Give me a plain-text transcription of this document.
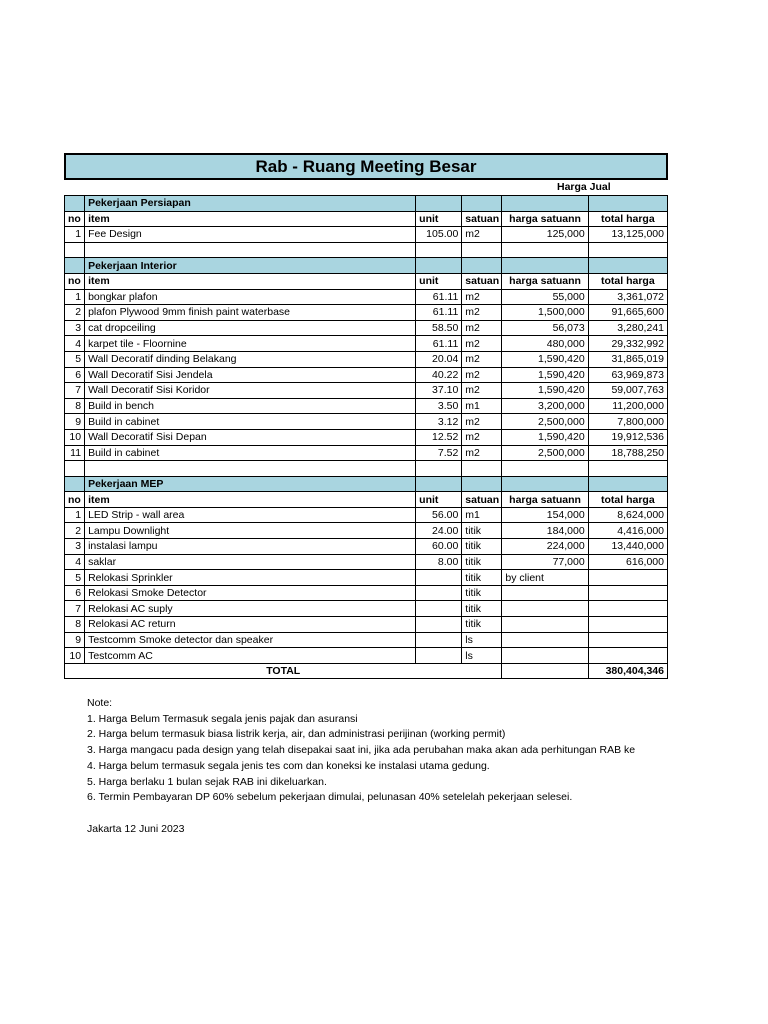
Rab - Ruang Meeting Besar
Harga Jual
	Pekerjaan Persiapan				
no	item	unit	satuan	harga satuann	total harga
1	Fee Design	105.00	m2	125,000	13,125,000

	Pekerjaan Interior				
no	item	unit	satuan	harga satuann	total harga
1	bongkar plafon	61.11	m2	55,000	3,361,072
2	plafon Plywood 9mm finish paint waterbase	61.11	m2	1,500,000	91,665,600
3	cat dropceiling	58.50	m2	56,073	3,280,241
4	karpet tile - Floornine	61.11	m2	480,000	29,332,992
5	Wall Decoratif dinding Belakang	20.04	m2	1,590,420	31,865,019
6	Wall Decoratif Sisi Jendela	40.22	m2	1,590,420	63,969,873
7	Wall Decoratif Sisi Koridor	37.10	m2	1,590,420	59,007,763
8	Build in bench	3.50	m1	3,200,000	11,200,000
9	Build in cabinet	3.12	m2	2,500,000	7,800,000
10	Wall Decoratif Sisi Depan	12.52	m2	1,590,420	19,912,536
11	Build in cabinet	7.52	m2	2,500,000	18,788,250

	Pekerjaan MEP				
no	item	unit	satuan	harga satuann	total harga
1	LED Strip - wall area	56.00	m1	154,000	8,624,000
2	Lampu Downlight	24.00	titik	184,000	4,416,000
3	instalasi lampu	60.00	titik	224,000	13,440,000
4	saklar	8.00	titik	77,000	616,000
5	Relokasi Sprinkler		titik	by client	
6	Relokasi Smoke Detector		titik		
7	Relokasi AC suply		titik		
8	Relokasi AC return		titik		
9	Testcomm Smoke detector dan speaker		ls		
10	Testcomm AC		ls		
TOTAL					380,404,346
Note:
1. Harga Belum Termasuk segala jenis pajak dan asuransi
2. Harga belum termasuk biasa listrik kerja, air, dan administrasi perijinan (working permit)
3. Harga mangacu pada design yang telah disepakai saat ini, jika ada perubahan maka akan ada perhitungan RAB ke
4. Harga belum termasuk segala jenis tes com dan koneksi ke instalasi utama gedung.
5. Harga berlaku 1 bulan sejak RAB ini dikeluarkan.
6. Termin Pembayaran DP 60% sebelum pekerjaan dimulai, pelunasan 40% setelelah pekerjaan selesei.
Jakarta 12 Juni 2023
